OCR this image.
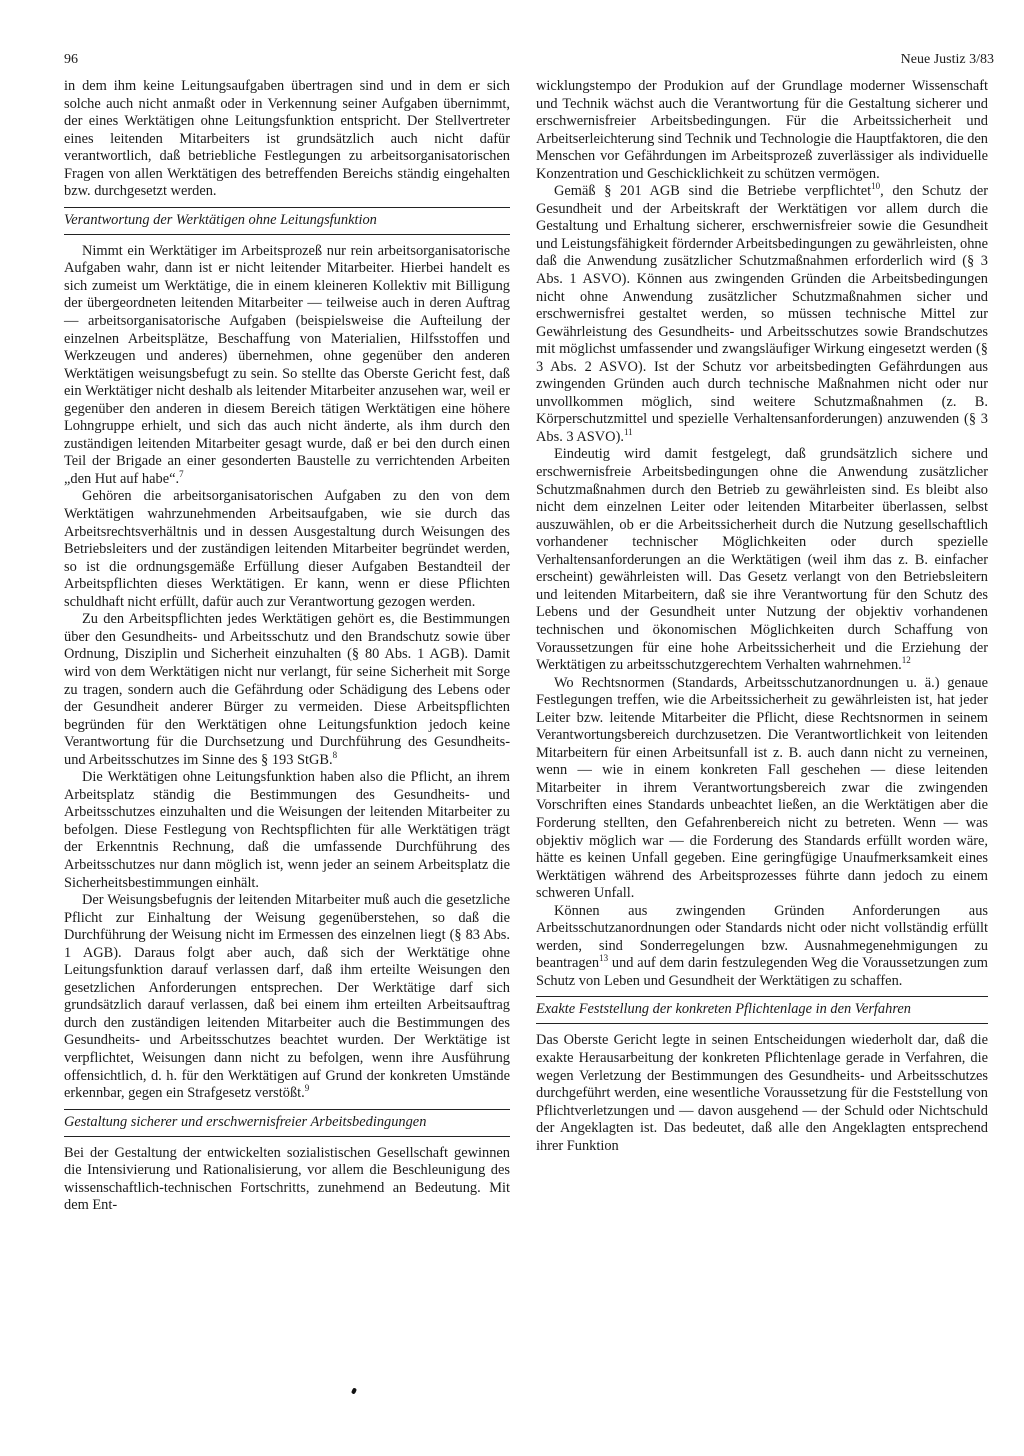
96	Neue Justiz 3/83

in dem ihm keine Leitungsaufgaben übertragen sind und in dem er sich solche auch nicht anmaßt oder in Verkennung seiner Aufgaben übernimmt, der eines Werktätigen ohne Leitungsfunktion entspricht. Der Stellvertreter eines leitenden Mitarbeiters ist grundsätzlich auch nicht dafür verantwortlich, daß betriebliche Festlegungen zu arbeitsorganisatorischen Fragen von allen Werktätigen des betreffenden Bereichs ständig eingehalten bzw. durchgesetzt werden.

Verantwortung der Werktätigen ohne Leitungsfunktion

Nimmt ein Werktätiger im Arbeitsprozeß nur rein arbeitsorganisatorische Aufgaben wahr, dann ist er nicht leitender Mitarbeiter. Hierbei handelt es sich zumeist um Werktätige, die in einem kleineren Kollektiv mit Billigung der übergeordneten leitenden Mitarbeiter — teilweise auch in deren Auftrag — arbeitsorganisatorische Aufgaben (beispielsweise die Aufteilung der einzelnen Arbeitsplätze, Beschaffung von Materialien, Hilfsstoffen und Werkzeugen und anderes) übernehmen, ohne gegenüber den anderen Werktätigen weisungsbefugt zu sein. So stellte das Oberste Gericht fest, daß ein Werktätiger nicht deshalb als leitender Mitarbeiter anzusehen war, weil er gegenüber den anderen in diesem Bereich tätigen Werktätigen eine höhere Lohngruppe erhielt, und sich das auch nicht änderte, als ihm durch den zuständigen leitenden Mitarbeiter gesagt wurde, daß er bei den durch einen Teil der Brigade an einer gesonderten Baustelle zu verrichtenden Arbeiten „den Hut auf habe“.$^7$

Gehören die arbeitsorganisatorischen Aufgaben zu den von dem Werktätigen wahrzunehmenden Arbeitsaufgaben, wie sie durch das Arbeitsrechtsverhältnis und in dessen Ausgestaltung durch Weisungen des Betriebsleiters und der zuständigen leitenden Mitarbeiter begründet werden, so ist die ordnungsgemäße Erfüllung dieser Aufgaben Bestandteil der Arbeitspflichten dieses Werktätigen. Er kann, wenn er diese Pflichten schuldhaft nicht erfüllt, dafür auch zur Verantwortung gezogen werden.

Zu den Arbeitspflichten jedes Werktätigen gehört es, die Bestimmungen über den Gesundheits- und Arbeitsschutz und den Brandschutz sowie über Ordnung, Disziplin und Sicherheit einzuhalten (§ 80 Abs. 1 AGB). Damit wird von dem Werktätigen nicht nur verlangt, für seine Sicherheit mit Sorge zu tragen, sondern auch die Gefährdung oder Schädigung des Lebens oder der Gesundheit anderer Bürger zu vermeiden. Diese Arbeitspflichten begründen für den Werktätigen ohne Leitungsfunktion jedoch keine Verantwortung für die Durchsetzung und Durchführung des Gesundheits- und Arbeitsschutzes im Sinne des § 193 StGB.$^8$

Die Werktätigen ohne Leitungsfunktion haben also die Pflicht, an ihrem Arbeitsplatz ständig die Bestimmungen des Gesundheits- und Arbeitsschutzes einzuhalten und die Weisungen der leitenden Mitarbeiter zu befolgen. Diese Festlegung von Rechtspflichten für alle Werktätigen trägt der Erkenntnis Rechnung, daß die umfassende Durchführung des Arbeitsschutzes nur dann möglich ist, wenn jeder an seinem Arbeitsplatz die Sicherheitsbestimmungen einhält.

Der Weisungsbefugnis der leitenden Mitarbeiter muß auch die gesetzliche Pflicht zur Einhaltung der Weisung gegenüberstehen, so daß die Durchführung der Weisung nicht im Ermessen des einzelnen liegt (§ 83 Abs. 1 AGB). Daraus folgt aber auch, daß sich der Werktätige ohne Leitungsfunktion darauf verlassen darf, daß ihm erteilte Weisungen den gesetzlichen Anforderungen entsprechen. Der Werktätige darf sich grundsätzlich darauf verlassen, daß bei einem ihm erteilten Arbeitsauftrag durch den zuständigen leitenden Mitarbeiter auch die Bestimmungen des Gesundheits- und Arbeitsschutzes beachtet wurden. Der Werktätige ist verpflichtet, Weisungen dann nicht zu befolgen, wenn ihre Ausführung offensichtlich, d. h. für den Werktätigen auf Grund der konkreten Umstände erkennbar, gegen ein Strafgesetz verstößt.$^9$

Gestaltung sicherer und erschwernisfreier Arbeitsbedingungen

Bei der Gestaltung der entwickelten sozialistischen Gesellschaft gewinnen die Intensivierung und Rationalisierung, vor allem die Beschleunigung des wissenschaftlich-technischen Fortschritts, zunehmend an Bedeutung. Mit dem Ent-

wicklungstempo der Produkion auf der Grundlage moderner Wissenschaft und Technik wächst auch die Verantwortung für die Gestaltung sicherer und erschwernisfreier Arbeitsbedingungen. Für die Arbeitssicherheit und Arbeitserleichterung sind Technik und Technologie die Hauptfaktoren, die den Menschen vor Gefährdungen im Arbeitsprozeß zuverlässiger als individuelle Konzentration und Geschicklichkeit zu schützen vermögen.

Gemäß § 201 AGB sind die Betriebe verpflichtet$^{10}$, den Schutz der Gesundheit und der Arbeitskraft der Werktätigen vor allem durch die Gestaltung und Erhaltung sicherer, erschwernisfreier sowie die Gesundheit und Leistungsfähigkeit fördernder Arbeitsbedingungen zu gewährleisten, ohne daß die Anwendung zusätzlicher Schutzmaßnahmen erforderlich wird (§ 3 Abs. 1 ASVO). Können aus zwingenden Gründen die Arbeitsbedingungen nicht ohne Anwendung zusätzlicher Schutzmaßnahmen sicher und erschwernisfrei gestaltet werden, so müssen technische Mittel zur Gewährleistung des Gesundheits- und Arbeitsschutzes sowie Brandschutzes mit möglichst umfassender und zwangsläufiger Wirkung eingesetzt werden (§ 3 Abs. 2 ASVO). Ist der Schutz vor arbeitsbedingten Gefährdungen aus zwingenden Gründen auch durch technische Maßnahmen nicht oder nur unvollkommen möglich, sind weitere Schutzmaßnahmen (z. B. Körperschutzmittel und spezielle Verhaltensanforderungen) anzuwenden (§ 3 Abs. 3 ASVO).$^{11}$

Eindeutig wird damit festgelegt, daß grundsätzlich sichere und erschwernisfreie Arbeitsbedingungen ohne die Anwendung zusätzlicher Schutzmaßnahmen durch den Betrieb zu gewährleisten sind. Es bleibt also nicht dem einzelnen Leiter oder leitenden Mitarbeiter überlassen, selbst auszuwählen, ob er die Arbeitssicherheit durch die Nutzung gesellschaftlich vorhandener technischer Möglichkeiten oder durch spezielle Verhaltensanforderungen an die Werktätigen (weil ihm das z. B. einfacher erscheint) gewährleisten will. Das Gesetz verlangt von den Betriebsleitern und leitenden Mitarbeitern, daß sie ihre Verantwortung für den Schutz des Lebens und der Gesundheit unter Nutzung der objektiv vorhandenen technischen und ökonomischen Möglichkeiten durch Schaffung von Voraussetzungen für eine hohe Arbeitssicherheit und die Erziehung der Werktätigen zu arbeitsschutzgerechtem Verhalten wahrnehmen.$^{12}$

Wo Rechtsnormen (Standards, Arbeitsschutzanordnungen u. ä.) genaue Festlegungen treffen, wie die Arbeitssicherheit zu gewährleisten ist, hat jeder Leiter bzw. leitende Mitarbeiter die Pflicht, diese Rechtsnormen in seinem Verantwortungsbereich durchzusetzen. Die Verantwortlichkeit von leitenden Mitarbeitern für einen Arbeitsunfall ist z. B. auch dann nicht zu verneinen, wenn — wie in einem konkreten Fall geschehen — diese leitenden Mitarbeiter in ihrem Verantwortungsbereich zwar die zwingenden Vorschriften eines Standards unbeachtet ließen, an die Werktätigen aber die Forderung stellten, den Gefahrenbereich nicht zu betreten. Wenn — was objektiv möglich war — die Forderung des Standards erfüllt worden wäre, hätte es keinen Unfall gegeben. Eine geringfügige Unaufmerksamkeit eines Werktätigen während des Arbeitsprozesses führte dann jedoch zu einem schweren Unfall.

Können aus zwingenden Gründen Anforderungen aus Arbeitsschutzanordnungen oder Standards nicht oder nicht vollständig erfüllt werden, sind Sonderregelungen bzw. Ausnahmegenehmigungen zu beantragen$^{13}$ und auf dem darin festzulegenden Weg die Voraussetzungen zum Schutz von Leben und Gesundheit der Werktätigen zu schaffen.

Exakte Feststellung der konkreten Pflichtenlage in den Verfahren

Das Oberste Gericht legte in seinen Entscheidungen wiederholt dar, daß die exakte Herausarbeitung der konkreten Pflichtenlage gerade in Verfahren, die wegen Verletzung der Bestimmungen des Gesundheits- und Arbeitsschutzes durchgeführt werden, eine wesentliche Voraussetzung für die Feststellung von Pflichtverletzungen und — davon ausgehend — der Schuld oder Nichtschuld der Angeklagten ist. Das bedeutet, daß alle den Angeklagten entsprechend ihrer Funktion
